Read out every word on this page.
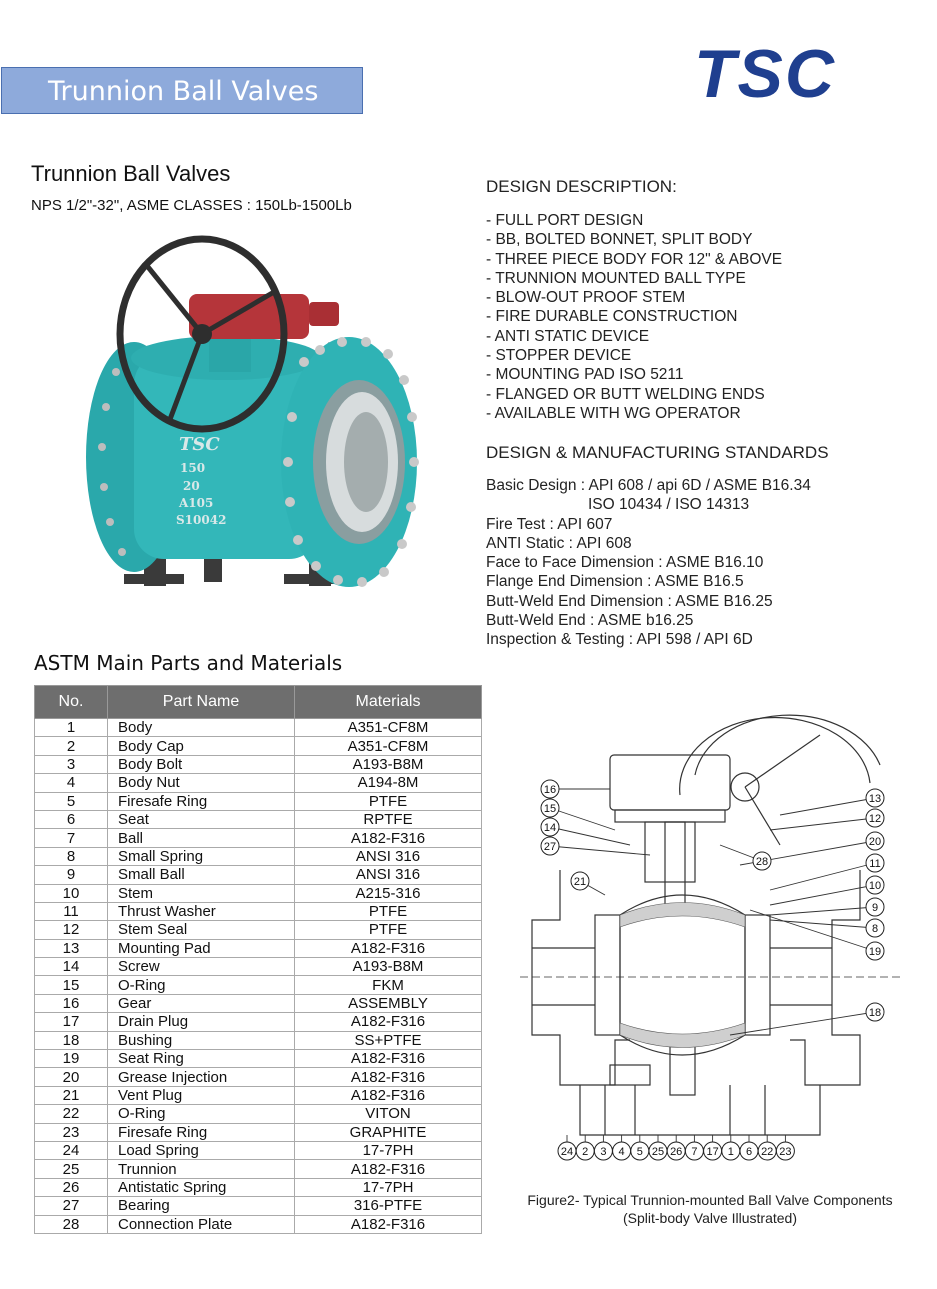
Trunnion Ball Valves	TSC
Trunnion Ball Valves
NPS 1/2"-32", ASME CLASSES : 150Lb-1500Lb
TSC
150
20
A105
S10042
DESIGN DESCRIPTION:
- FULL PORT DESIGN
- BB, BOLTED BONNET, SPLIT BODY
- THREE PIECE BODY FOR 12" & ABOVE
- TRUNNION MOUNTED BALL TYPE
- BLOW-OUT PROOF STEM
- FIRE DURABLE CONSTRUCTION
- ANTI STATIC DEVICE
- STOPPER DEVICE
- MOUNTING PAD ISO 5211
- FLANGED OR BUTT WELDING ENDS
- AVAILABLE WITH WG OPERATOR
DESIGN & MANUFACTURING STANDARDS
Basic Design : API 608 / api 6D / ASME B16.34
ISO 10434 / ISO 14313
Fire Test : API 607
ANTI Static : API 608
Face to Face Dimension : ASME B16.10
Flange End Dimension : ASME B16.5
Butt-Weld End Dimension : ASME B16.25
Butt-Weld End : ASME b16.25
Inspection & Testing : API 598 / API 6D
ASTM Main Parts and Materials
No.	Part Name	Materials
1	Body	A351-CF8M
2	Body Cap	A351-CF8M
3	Body Bolt	A193-B8M
4	Body Nut	A194-8M
5	Firesafe Ring	PTFE
6	Seat	RPTFE
7	Ball	A182-F316
8	Small Spring	ANSI 316
9	Small Ball	ANSI 316
10	Stem	A215-316
11	Thrust Washer	PTFE
12	Stem Seal	PTFE
13	Mounting Pad	A182-F316
14	Screw	A193-B8M
15	O-Ring	FKM
16	Gear	ASSEMBLY
17	Drain Plug	A182-F316
18	Bushing	SS+PTFE
19	Seat Ring	A182-F316
20	Grease Injection	A182-F316
21	Vent Plug	A182-F316
22	O-Ring	VITON
23	Firesafe Ring	GRAPHITE
24	Load Spring	17-7PH
25	Trunnion	A182-F316
26	Antistatic Spring	17-7PH
27	Bearing	316-PTFE
28	Connection Plate	A182-F316
16
15
14
27
21
13
12
20
11
10
9
8
19
18
28
24 2 3 4 5 25 26 7 17 1 6 22 23
Figure2- Typical Trunnion-mounted Ball Valve Components
(Split-body Valve Illustrated)
